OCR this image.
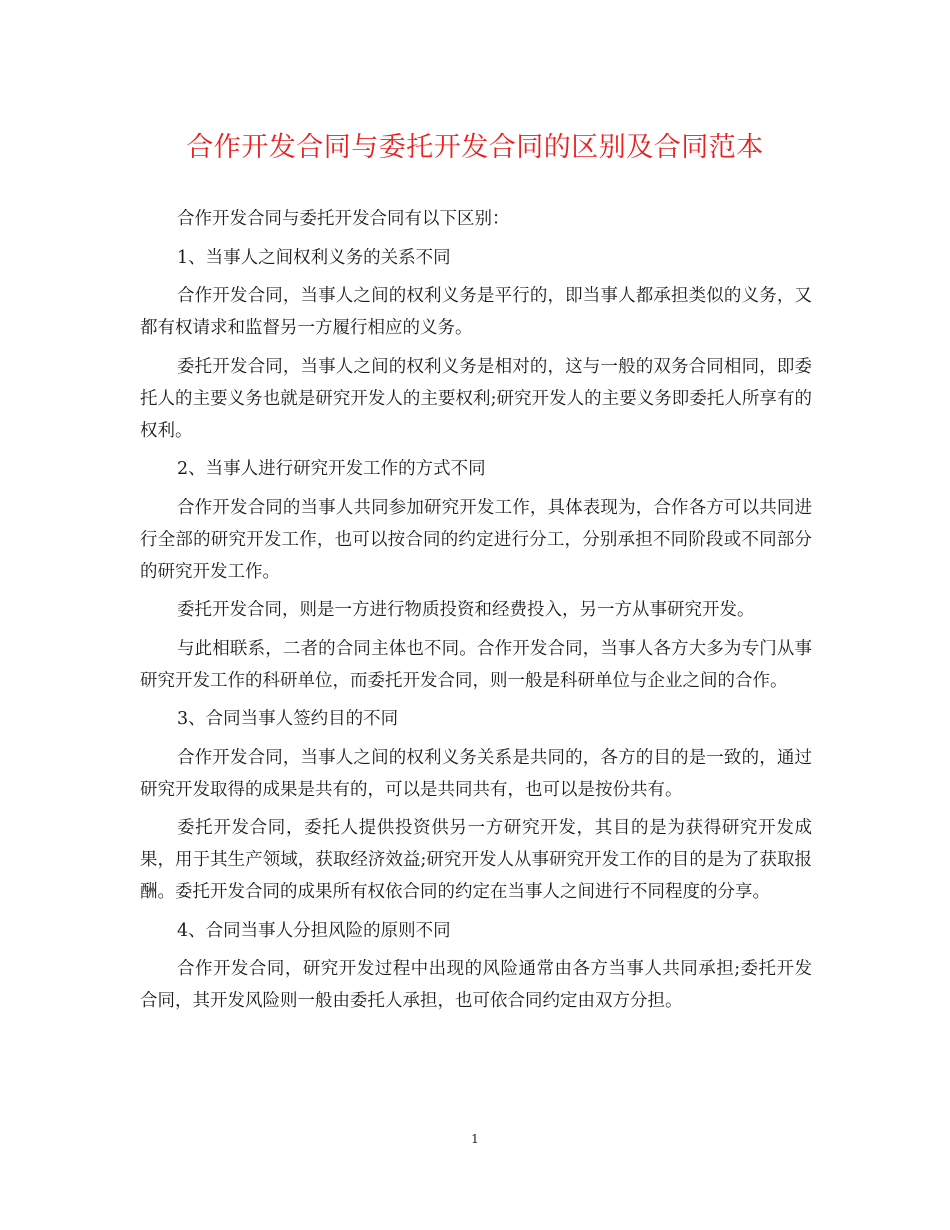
合作开发合同与委托开发合同的区别及合同范本

合作开发合同与委托开发合同有以下区别：

1、当事人之间权利义务的关系不同

合作开发合同，当事人之间的权利义务是平行的，即当事人都承担类似的义务，又都有权请求和监督另一方履行相应的义务。

委托开发合同，当事人之间的权利义务是相对的，这与一般的双务合同相同，即委托人的主要义务也就是研究开发人的主要权利;研究开发人的主要义务即委托人所享有的权利。

2、当事人进行研究开发工作的方式不同

合作开发合同的当事人共同参加研究开发工作，具体表现为，合作各方可以共同进行全部的研究开发工作，也可以按合同的约定进行分工，分别承担不同阶段或不同部分的研究开发工作。

委托开发合同，则是一方进行物质投资和经费投入，另一方从事研究开发。

与此相联系，二者的合同主体也不同。合作开发合同，当事人各方大多为专门从事研究开发工作的科研单位，而委托开发合同，则一般是科研单位与企业之间的合作。

3、合同当事人签约目的不同

合作开发合同，当事人之间的权利义务关系是共同的，各方的目的是一致的，通过研究开发取得的成果是共有的，可以是共同共有，也可以是按份共有。

委托开发合同，委托人提供投资供另一方研究开发，其目的是为获得研究开发成果，用于其生产领域，获取经济效益;研究开发人从事研究开发工作的目的是为了获取报酬。委托开发合同的成果所有权依合同的约定在当事人之间进行不同程度的分享。

4、合同当事人分担风险的原则不同

合作开发合同，研究开发过程中出现的风险通常由各方当事人共同承担;委托开发合同，其开发风险则一般由委托人承担，也可依合同约定由双方分担。

1
